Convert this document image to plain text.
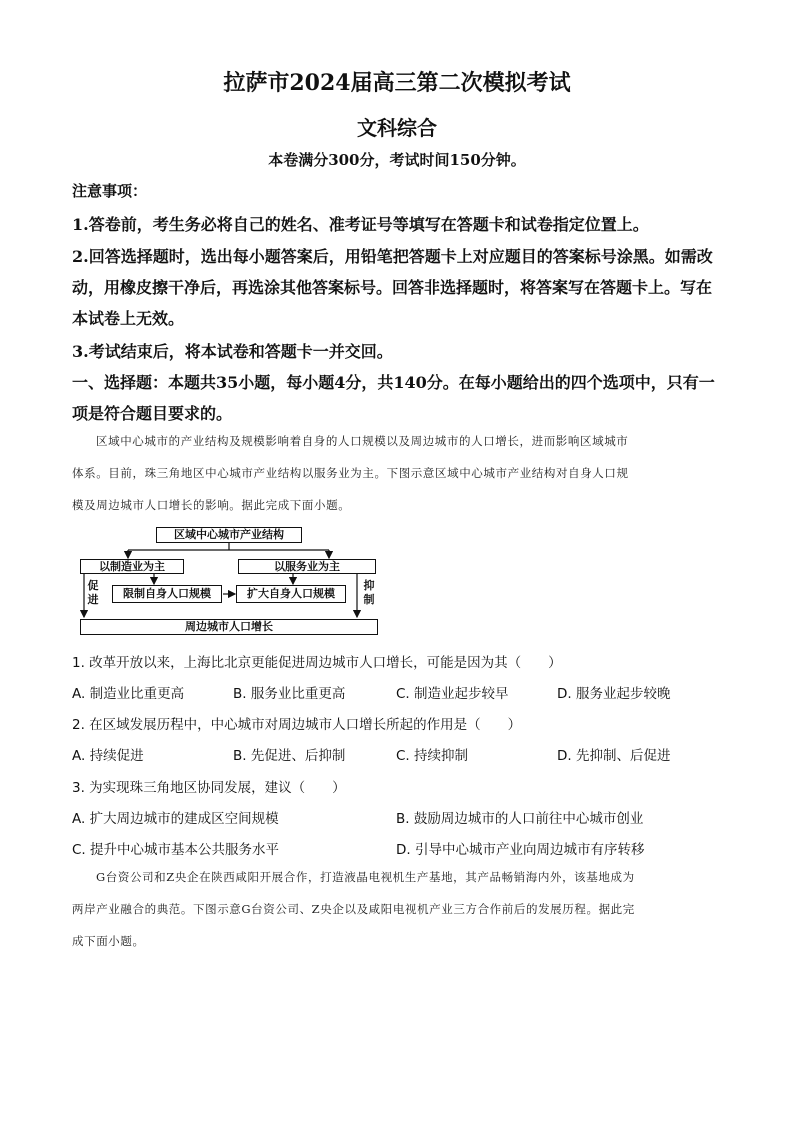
拉萨市2024届高三第二次模拟考试
文科综合
本卷满分300分，考试时间150分钟。
注意事项：
1.答卷前，考生务必将自己的姓名、准考证号等填写在答题卡和试卷指定位置上。
2.回答选择题时，选出每小题答案后，用铅笔把答题卡上对应题目的答案标号涂黑。如需改
动，用橡皮擦干净后，再选涂其他答案标号。回答非选择题时，将答案写在答题卡上。写在
本试卷上无效。
3.考试结束后，将本试卷和答题卡一并交回。
一、选择题：本题共35小题，每小题4分，共140分。在每小题给出的四个选项中，只有一
项是符合题目要求的。
区域中心城市的产业结构及规模影响着自身的人口规模以及周边城市的人口增长，进而影响区域城市
体系。目前，珠三角地区中心城市产业结构以服务业为主。下图示意区域中心城市产业结构对自身人口规
模及周边城市人口增长的影响。据此完成下面小题。
区域中心城市产业结构
以制造业为主	以服务业为主
限制自身人口规模	扩大自身人口规模
周边城市人口增长
促进
抑制
1. 改革开放以来，上海比北京更能促进周边城市人口增长，可能是因为其（　　）
A. 制造业比重更高	B. 服务业比重更高	C. 制造业起步较早	D. 服务业起步较晚
2. 在区域发展历程中，中心城市对周边城市人口增长所起的作用是（　　）
A. 持续促进	B. 先促进、后抑制	C. 持续抑制	D. 先抑制、后促进
3. 为实现珠三角地区协同发展，建议（　　）
A. 扩大周边城市的建成区空间规模	B. 鼓励周边城市的人口前往中心城市创业
C. 提升中心城市基本公共服务水平	D. 引导中心城市产业向周边城市有序转移
G台资公司和Z央企在陕西咸阳开展合作，打造液晶电视机生产基地，其产品畅销海内外，该基地成为
两岸产业融合的典范。下图示意G台资公司、Z央企以及咸阳电视机产业三方合作前后的发展历程。据此完
成下面小题。
